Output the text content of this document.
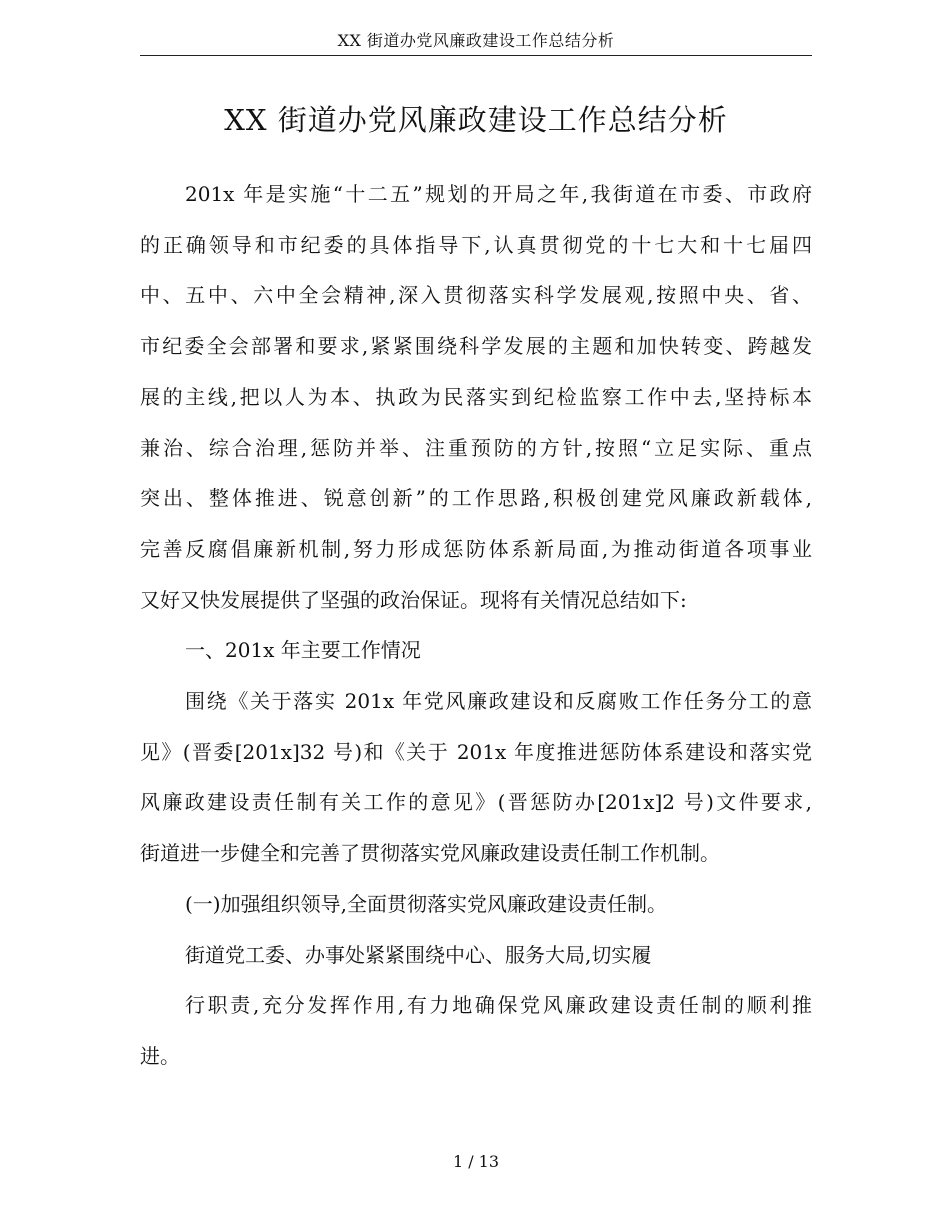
XX 街道办党风廉政建设工作总结分析
XX 街道办党风廉政建设工作总结分析
201x 年是实施“十二五”规划的开局之年,我街道在市委、市政府
的正确领导和市纪委的具体指导下,认真贯彻党的十七大和十七届四
中、五中、六中全会精神,深入贯彻落实科学发展观,按照中央、省、
市纪委全会部署和要求,紧紧围绕科学发展的主题和加快转变、跨越发
展的主线,把以人为本、执政为民落实到纪检监察工作中去,坚持标本
兼治、综合治理,惩防并举、注重预防的方针,按照“立足实际、重点
突出、整体推进、锐意创新”的工作思路,积极创建党风廉政新载体,
完善反腐倡廉新机制,努力形成惩防体系新局面,为推动街道各项事业
又好又快发展提供了坚强的政治保证。现将有关情况总结如下:
一、201x 年主要工作情况
围绕《关于落实 201x 年党风廉政建设和反腐败工作任务分工的意
见》(晋委[201x]32 号)和《关于 201x 年度推进惩防体系建设和落实党
风廉政建设责任制有关工作的意见》(晋惩防办[201x]2 号)文件要求,
街道进一步健全和完善了贯彻落实党风廉政建设责任制工作机制。
(一)加强组织领导,全面贯彻落实党风廉政建设责任制。
街道党工委、办事处紧紧围绕中心、服务大局,切实履
行职责,充分发挥作用,有力地确保党风廉政建设责任制的顺利推
进。
1 / 13
